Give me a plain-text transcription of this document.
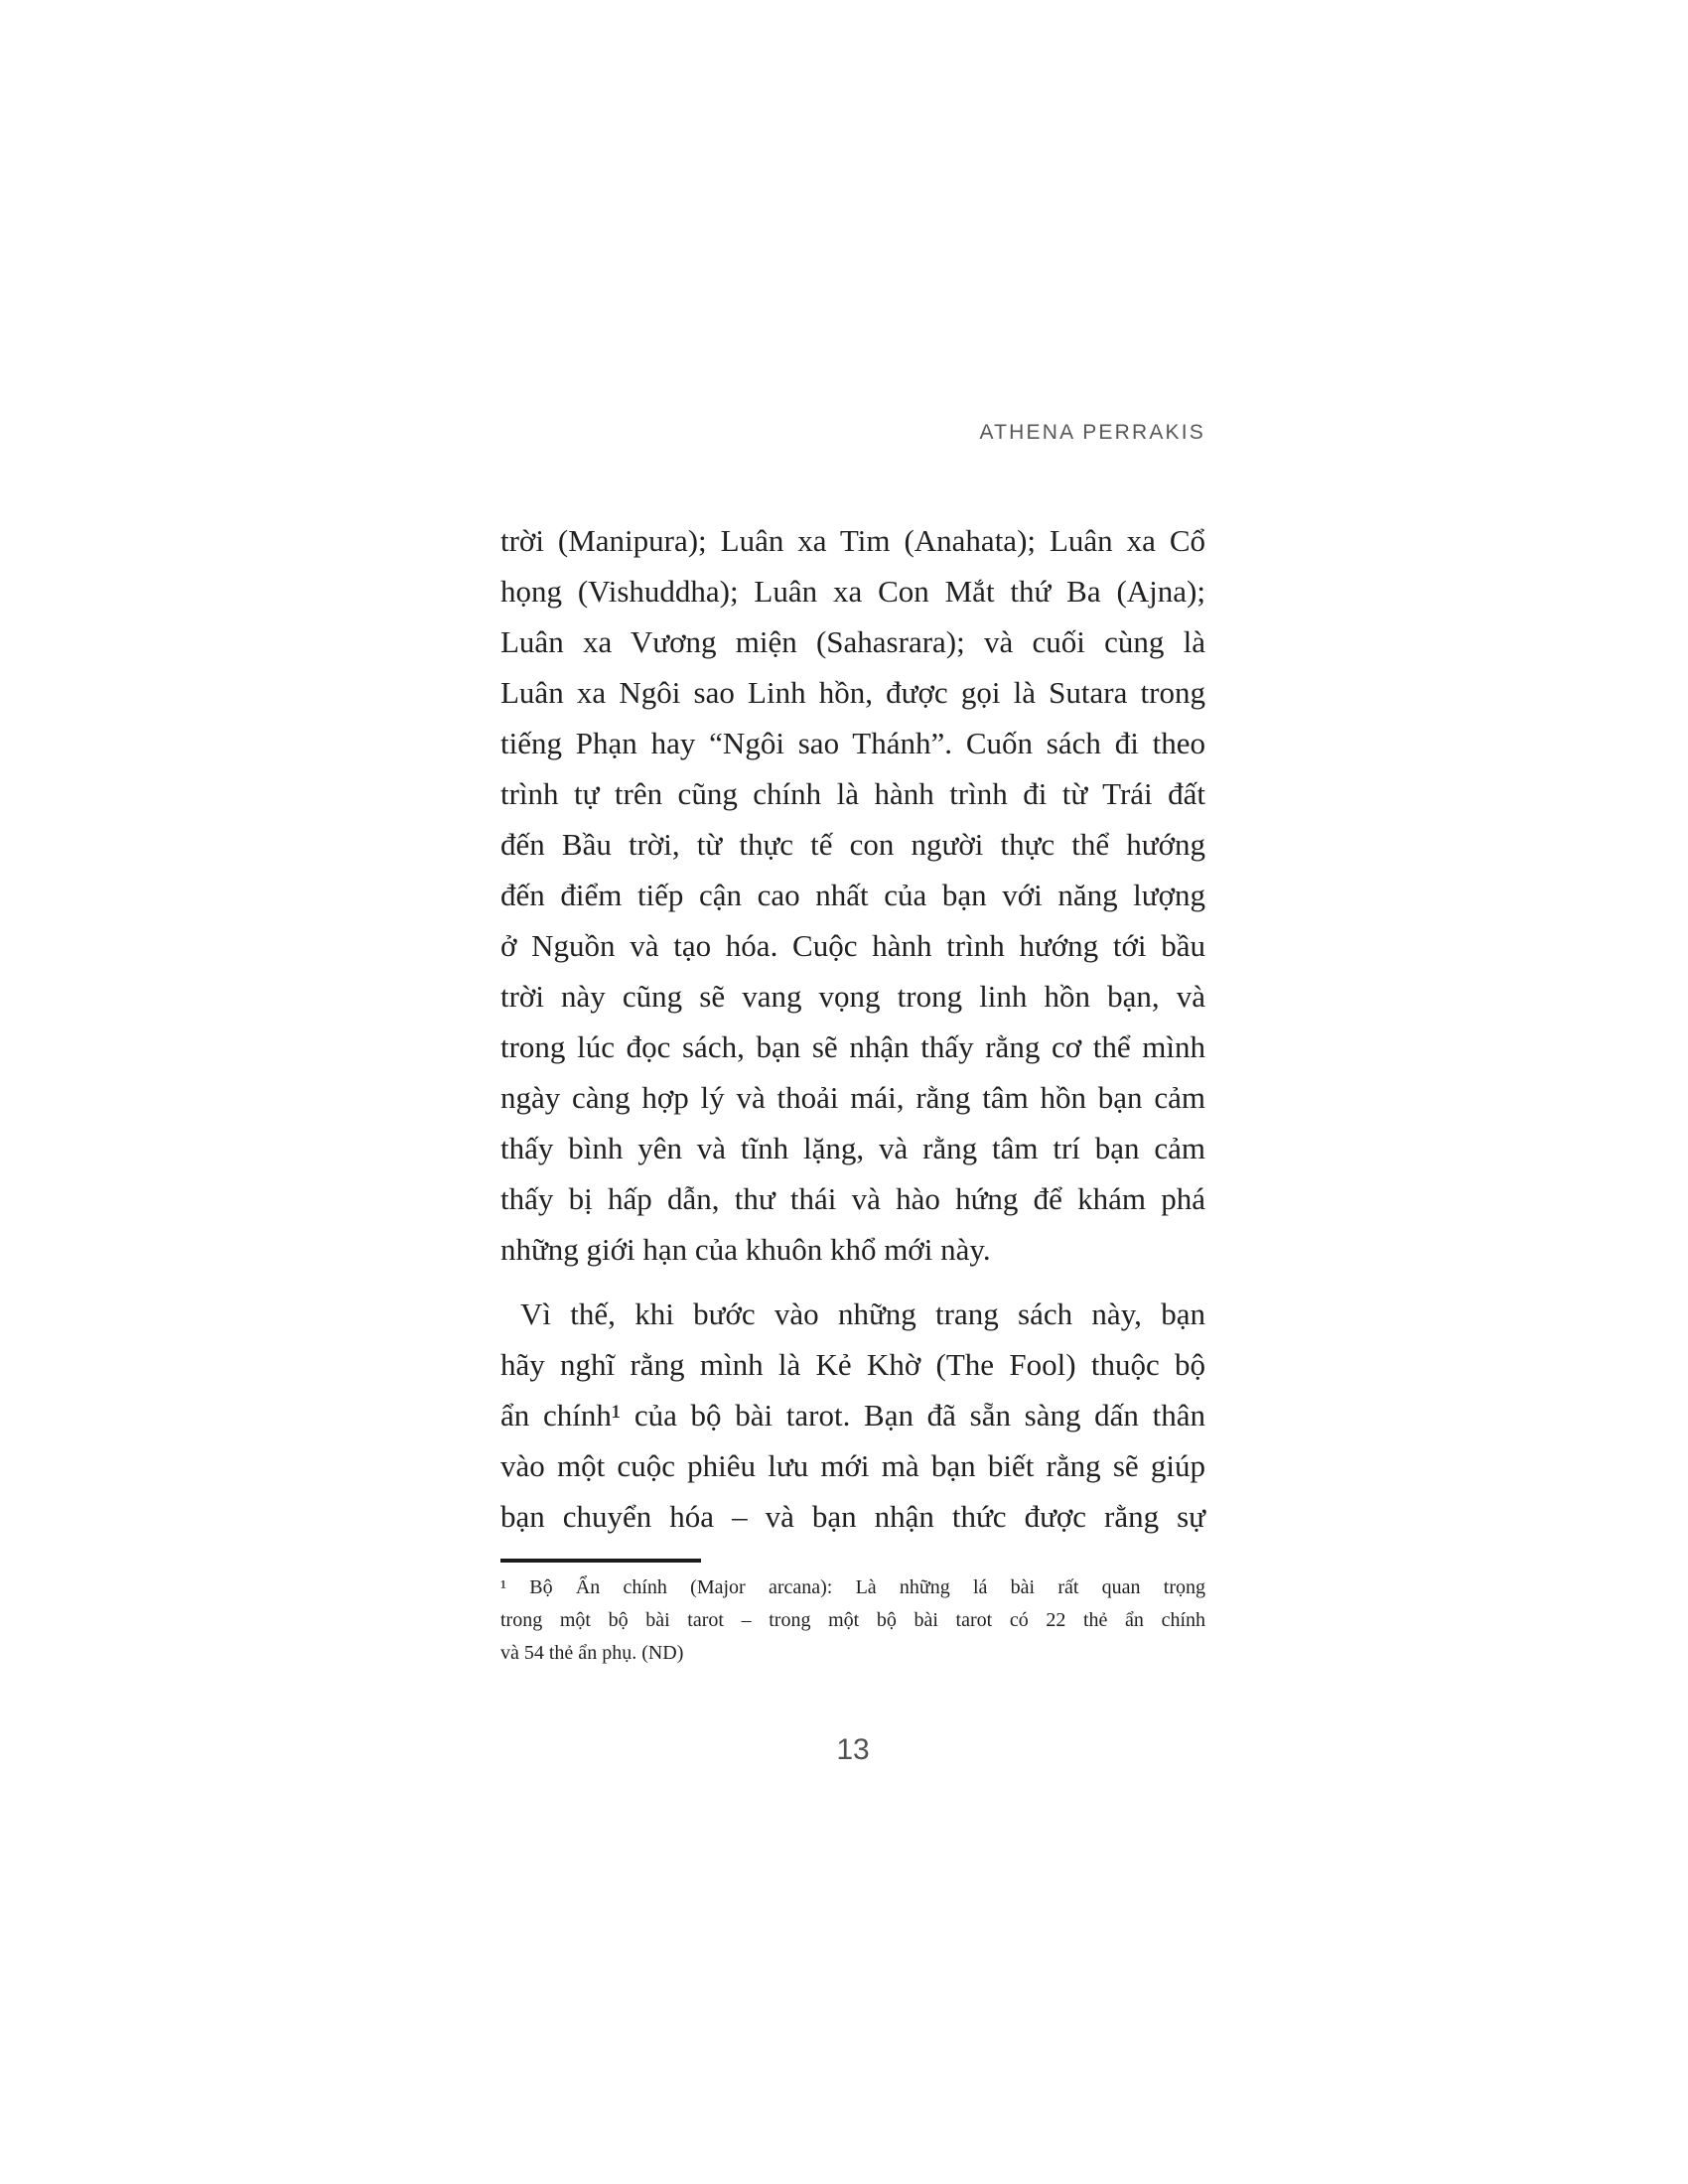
ATHENA PERRAKIS
trời (Manipura); Luân xa Tim (Anahata); Luân xa Cổ
họng (Vishuddha); Luân xa Con Mắt thứ Ba (Ajna);
Luân xa Vương miện (Sahasrara); và cuối cùng là
Luân xa Ngôi sao Linh hồn, được gọi là Sutara trong
tiếng Phạn hay “Ngôi sao Thánh”. Cuốn sách đi theo
trình tự trên cũng chính là hành trình đi từ Trái đất
đến Bầu trời, từ thực tế con người thực thể hướng
đến điểm tiếp cận cao nhất của bạn với năng lượng
ở Nguồn và tạo hóa. Cuộc hành trình hướng tới bầu
trời này cũng sẽ vang vọng trong linh hồn bạn, và
trong lúc đọc sách, bạn sẽ nhận thấy rằng cơ thể mình
ngày càng hợp lý và thoải mái, rằng tâm hồn bạn cảm
thấy bình yên và tĩnh lặng, và rằng tâm trí bạn cảm
thấy bị hấp dẫn, thư thái và hào hứng để khám phá
những giới hạn của khuôn khổ mới này.
Vì thế, khi bước vào những trang sách này, bạn
hãy nghĩ rằng mình là Kẻ Khờ (The Fool) thuộc bộ
ẩn chính¹ của bộ bài tarot. Bạn đã sẵn sàng dấn thân
vào một cuộc phiêu lưu mới mà bạn biết rằng sẽ giúp
bạn chuyển hóa – và bạn nhận thức được rằng sự
¹ Bộ Ẩn chính (Major arcana): Là những lá bài rất quan trọng
trong một bộ bài tarot – trong một bộ bài tarot có 22 thẻ ẩn chính
và 54 thẻ ẩn phụ. (ND)
13
